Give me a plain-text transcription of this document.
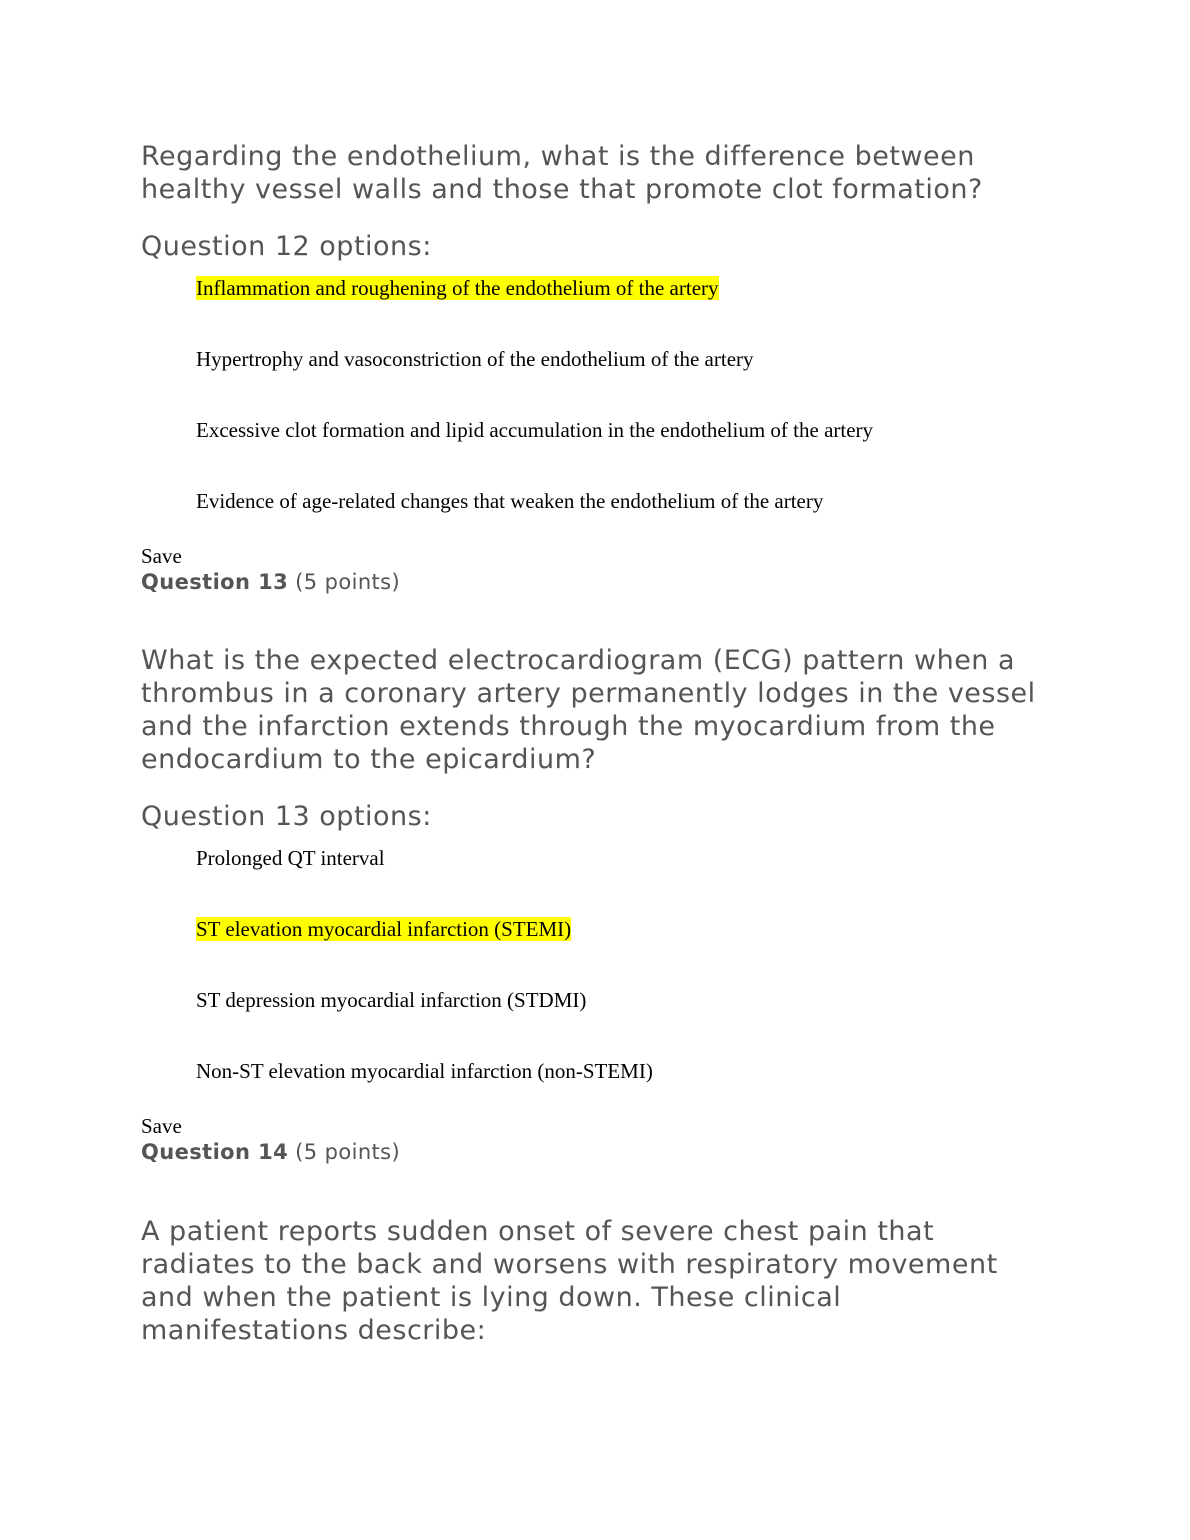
Regarding the endothelium, what is the difference between healthy vessel walls and those that promote clot formation?

Question 12 options:

Inflammation and roughening of the endothelium of the artery
Hypertrophy and vasoconstriction of the endothelium of the artery
Excessive clot formation and lipid accumulation in the endothelium of the artery
Evidence of age-related changes that weaken the endothelium of the artery
Save

Question 13 (5 points)

What is the expected electrocardiogram (ECG) pattern when a thrombus in a coronary artery permanently lodges in the vessel and the infarction extends through the myocardium from the endocardium to the epicardium?

Question 13 options:

Prolonged QT interval
ST elevation myocardial infarction (STEMI)
ST depression myocardial infarction (STDMI)
Non-ST elevation myocardial infarction (non-STEMI)
Save

Question 14 (5 points)

A patient reports sudden onset of severe chest pain that radiates to the back and worsens with respiratory movement and when the patient is lying down. These clinical manifestations describe:
